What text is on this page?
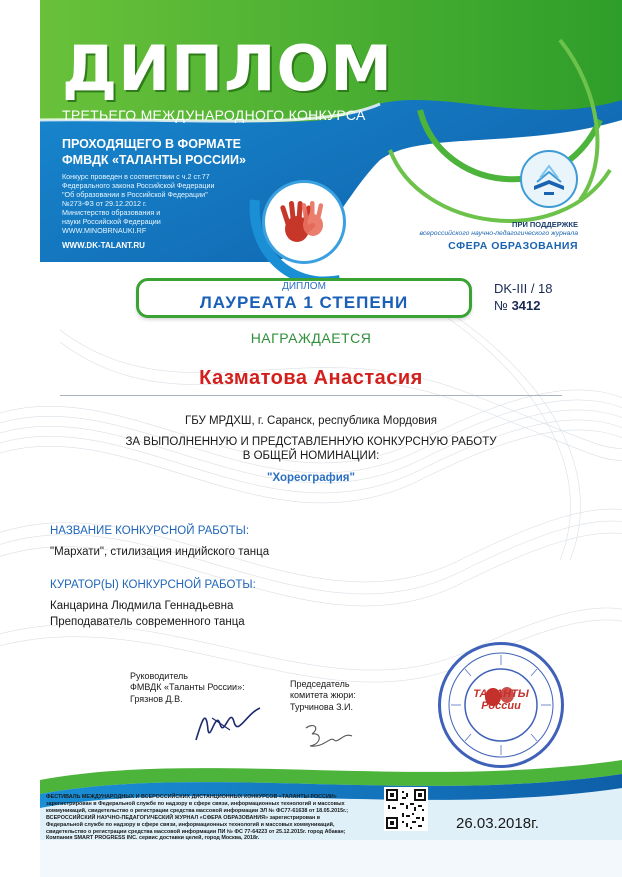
ДИПЛОМ
ТРЕТЬЕГО МЕЖДУНАРОДНОГО КОНКУРСА
ПРОХОДЯЩЕГО В ФОРМАТЕ
ФМВДК «ТАЛАНТЫ РОССИИ»
Конкурс проведен в соответствии с ч.2 ст.77
Федерального закона Российской Федерации
"Об образовании в Российской Федерации"
№273-ФЗ от 29.12.2012 г.
Министерство образования и
науки Российской Федерации
WWW.MINOBRNAUKI.RF
WWW.DK-TALANT.RU
ПРИ ПОДДЕРЖКЕ
всероссийского научно-педагогического журнала
СФЕРА ОБРАЗОВАНИЯ
ДИПЛОМ
ЛАУРЕАТА 1 СТЕПЕНИ
DK-III / 18
№ 3412
НАГРАЖДАЕТСЯ
Казматова Анастасия
ГБУ МРДХШ, г. Саранск, республика Мордовия
ЗА ВЫПОЛНЕННУЮ И ПРЕДСТАВЛЕННУЮ КОНКУРСНУЮ РАБОТУ
В ОБЩЕЙ НОМИНАЦИИ:
"Хореография"
НАЗВАНИЕ КОНКУРСНОЙ РАБОТЫ:
"Мархати", стилизация индийского танца
КУРАТОР(Ы) КОНКУРСНОЙ РАБОТЫ:
Канцарина Людмила Геннадьевна
Преподаватель современного танца
Руководитель
ФМВДК «Таланты России»:
Грязнов Д.В.
Председатель
комитета жюри:
Турчинова З.И.
ТАЛАНТЫ России
ФЕСТИВАЛЬ МЕЖДУНАРОДНЫХ И ВСЕРОССИЙСКИХ ДИСТАНЦИОННЫХ КОНКУРСОВ «ТАЛАНТЫ РОССИИ» зарегистрирован в Федеральной службе по надзору в сфере связи, информационных технологий и массовых коммуникаций, свидетельство о регистрации средства массовой информации ЭЛ № ФС77-61638 от 18.05.2015г.; ВСЕРОССИЙСКИЙ НАУЧНО-ПЕДАГОГИЧЕСКИЙ ЖУРНАЛ «СФЕРА ОБРАЗОВАНИЯ» зарегистрирован в Федеральной службе по надзору в сфере связи, информационных технологий и массовых коммуникаций, свидетельство о регистрации средства массовой информации ПИ № ФС 77-64223 от 25.12.2015г. город Абакан; Компания SMART PROGRESS INC. сервис доставки целей, город Москва, 2018г.
26.03.2018г.
